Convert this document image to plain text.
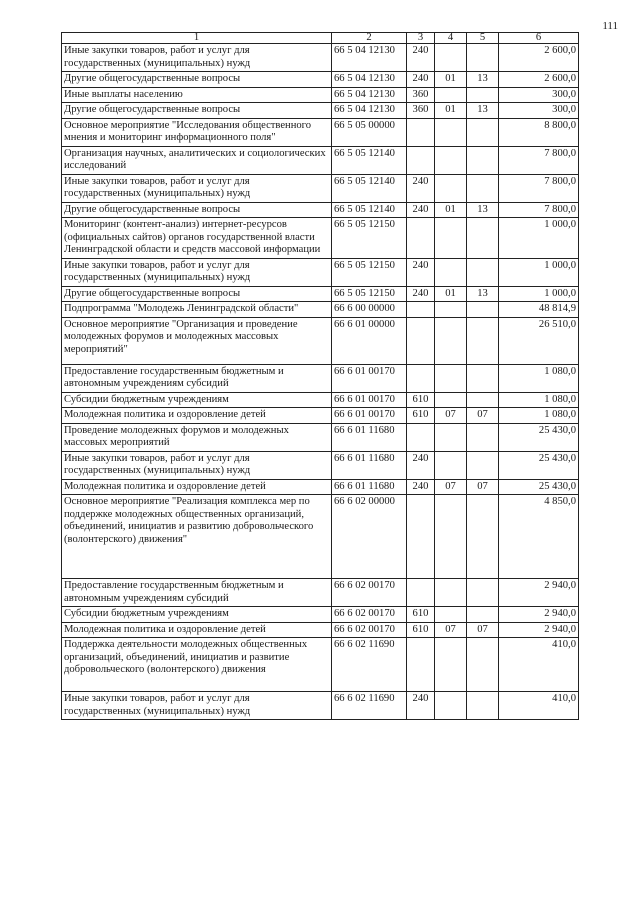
111
1	2	3	4	5	6
Иные закупки товаров, работ и услуг для государственных (муниципальных) нужд	66 5 04 12130	240			2 600,0
Другие общегосударственные вопросы	66 5 04 12130	240	01	13	2 600,0
Иные выплаты населению	66 5 04 12130	360			300,0
Другие общегосударственные вопросы	66 5 04 12130	360	01	13	300,0
Основное мероприятие "Исследования общественного мнения и мониторинг информационного поля"	66 5 05 00000				8 800,0
Организация научных, аналитических и социологических исследований	66 5 05 12140				7 800,0
Иные закупки товаров, работ и услуг для государственных (муниципальных) нужд	66 5 05 12140	240			7 800,0
Другие общегосударственные вопросы	66 5 05 12140	240	01	13	7 800,0
Мониторинг (контент-анализ) интернет-ресурсов (официальных сайтов) органов государственной власти Ленинградской области и средств массовой информации	66 5 05 12150				1 000,0
Иные закупки товаров, работ и услуг для государственных (муниципальных) нужд	66 5 05 12150	240			1 000,0
Другие общегосударственные вопросы	66 5 05 12150	240	01	13	1 000,0
Подпрограмма "Молодежь Ленинградской области"	66 6 00 00000				48 814,9
Основное мероприятие "Организация и проведение молодежных форумов и молодежных массовых мероприятий"	66 6 01 00000				26 510,0
Предоставление государственным бюджетным и автономным учреждениям субсидий	66 6 01 00170				1 080,0
Субсидии бюджетным учреждениям	66 6 01 00170	610			1 080,0
Молодежная политика и оздоровление детей	66 6 01 00170	610	07	07	1 080,0
Проведение молодежных форумов и молодежных массовых мероприятий	66 6 01 11680				25 430,0
Иные закупки товаров, работ и услуг для государственных (муниципальных) нужд	66 6 01 11680	240			25 430,0
Молодежная политика и оздоровление детей	66 6 01 11680	240	07	07	25 430,0
Основное мероприятие "Реализация комплекса мер по поддержке молодежных общественных организаций, объединений, инициатив и развитию добровольческого (волонтерского) движения"	66 6 02 00000				4 850,0
Предоставление государственным бюджетным и автономным учреждениям субсидий	66 6 02 00170				2 940,0
Субсидии бюджетным учреждениям	66 6 02 00170	610			2 940,0
Молодежная политика и оздоровление детей	66 6 02 00170	610	07	07	2 940,0
Поддержка деятельности молодежных общественных организаций, объединений, инициатив и развитие добровольческого (волонтерского) движения	66 6 02 11690				410,0
Иные закупки товаров, работ и услуг для государственных (муниципальных) нужд	66 6 02 11690	240			410,0
